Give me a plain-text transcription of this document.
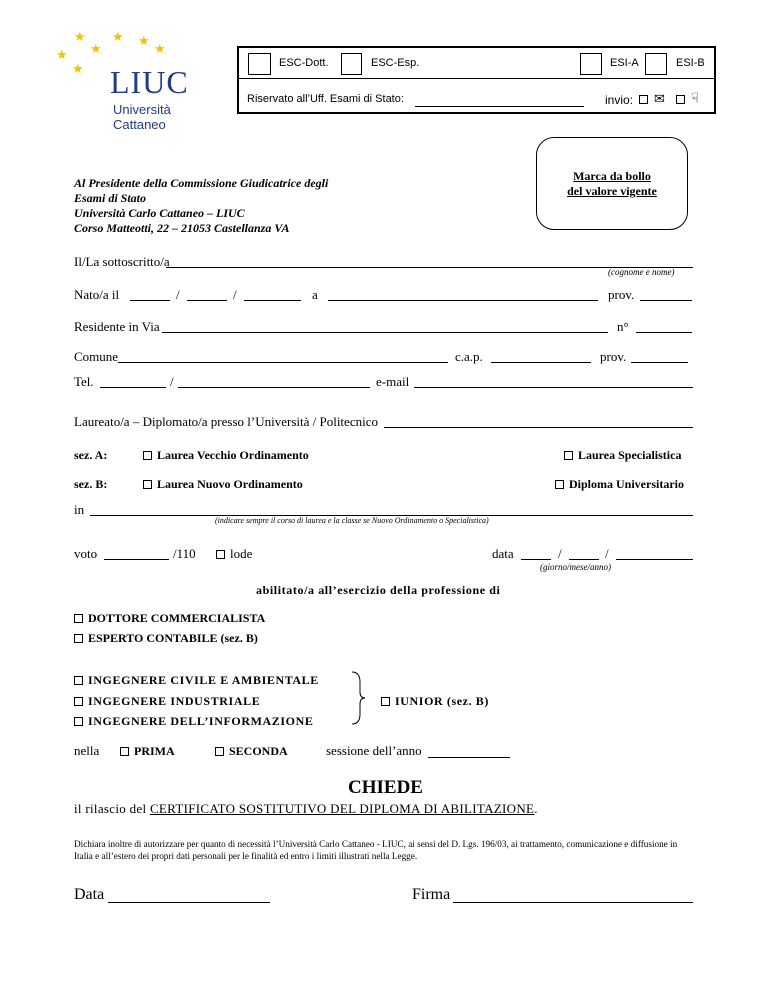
★ ★ ★
★	★
★
★ LIUC
Università
Cattaneo
ESC-Dott.	ESC-Esp.	ESI-A	ESI-B
Riservato all’Uff. Esami di Stato:	invio: ✉ ☟
Marca da bollo
del valore vigente
Al Presidente della Commissione Giudicatrice degli
Esami di Stato
Università Carlo Cattaneo – LIUC
Corso Matteotti, 22 – 21053 Castellanza VA
Il/La sottoscritto/a
(cognome e nome)
Nato/a il	/	/	a	prov.
Residente in Via	n°
Comune	c.a.p.	prov.
Tel.	/	e-mail
Laureato/a – Diplomato/a presso l’Università / Politecnico
sez. A:	Laurea Vecchio Ordinamento	Laurea Specialistica
sez. B:	Laurea Nuovo Ordinamento	Diploma Universitario
in
(indicare sempre il corso di laurea e la classe se Nuovo Ordinamento o Specialistica)
voto	/110	lode	data	/	/
(giorno/mese/anno)
abilitato/a all’esercizio della professione di
DOTTORE COMMERCIALISTA
ESPERTO CONTABILE (sez. B)
INGEGNERE CIVILE E AMBIENTALE
INGEGNERE INDUSTRIALE
INGEGNERE DELL’INFORMAZIONE
IUNIOR (sez. B)
nella	PRIMA	SECONDA	sessione dell’anno
CHIEDE
il rilascio del CERTIFICATO SOSTITUTIVO DEL DIPLOMA DI ABILITAZIONE.
Dichiara inoltre di autorizzare per quanto di necessità l’Università Carlo Cattaneo - LIUC, ai sensi del D. Lgs. 196/03, ai trattamento, comunicazione e diffusione in Italia e all’estero dei propri dati personali per le finalità ed entro i limiti illustrati nella Legge.
Data	Firma
